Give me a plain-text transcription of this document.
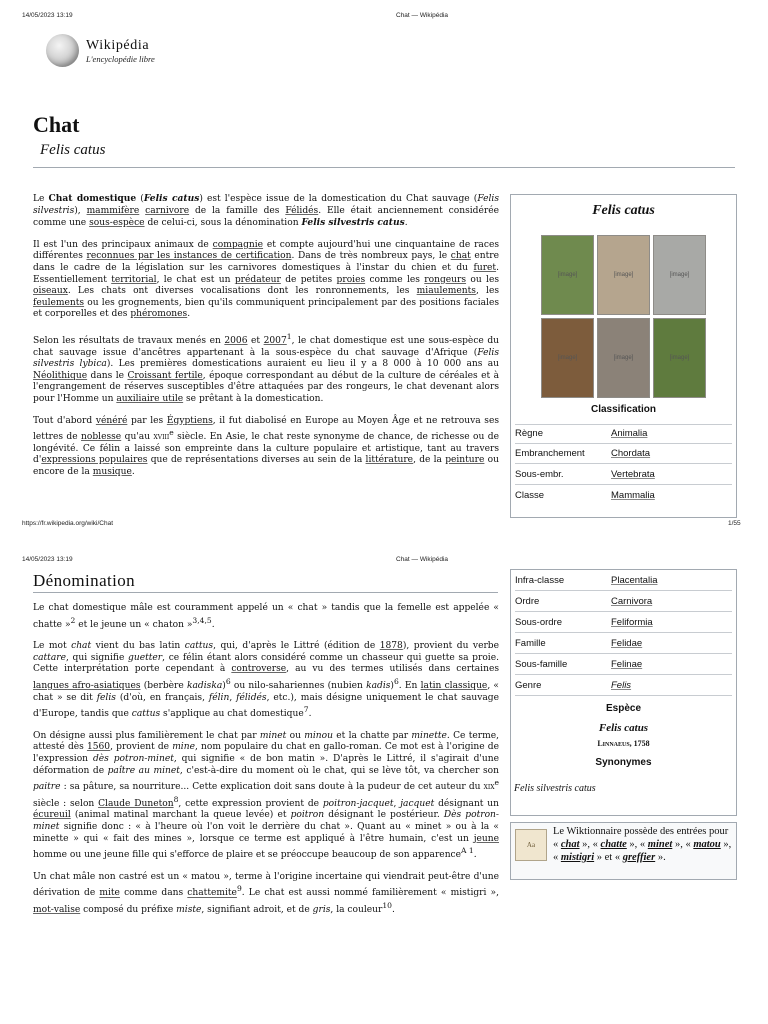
14/05/2023 13:19	Chat — Wikipédia
Wikipédia
L'encyclopédie libre
Chat
Felis catus

Le Chat domestique (Felis catus) est l'espèce issue de la domestication du Chat sauvage (Felis silvestris), mammifère carnivore de la famille des Félidés. Elle était anciennement considérée comme une sous-espèce de celui-ci, sous la dénomination Felis silvestris catus.

Il est l'un des principaux animaux de compagnie et compte aujourd'hui une cinquantaine de races différentes reconnues par les instances de certification. Dans de très nombreux pays, le chat entre dans le cadre de la législation sur les carnivores domestiques à l'instar du chien et du furet. Essentiellement territorial, le chat est un prédateur de petites proies comme les rongeurs ou les oiseaux. Les chats ont diverses vocalisations dont les ronronnements, les miaulements, les feulements ou les grognements, bien qu'ils communiquent principalement par des positions faciales et corporelles et des phéromones.

Selon les résultats de travaux menés en 2006 et 2007$^1$, le chat domestique est une sous-espèce du chat sauvage issue d'ancêtres appartenant à la sous-espèce du chat sauvage d'Afrique (Felis silvestris lybica). Les premières domestications auraient eu lieu il y a 8 000 à 10 000 ans au Néolithique dans le Croissant fertile, époque correspondant au début de la culture de céréales et à l'engrangement de réserves susceptibles d'être attaquées par des rongeurs, le chat devenant alors pour l'Homme un auxiliaire utile se prêtant à la domestication.

Tout d'abord vénéré par les Égyptiens, il fut diabolisé en Europe au Moyen Âge et ne retrouva ses lettres de noblesse qu'au xviii$^e$ siècle. En Asie, le chat reste synonyme de chance, de richesse ou de longévité. Ce félin a laissé son empreinte dans la culture populaire et artistique, tant au travers d'expressions populaires que de représentations diverses au sein de la littérature, de la peinture ou encore de la musique.

Felis catus
[image]	[image]	[image]
[image]	[image]	[image]
Classification
Règne	Animalia
Embranchement	Chordata
Sous-embr.	Vertebrata
Classe	Mammalia
https://fr.wikipedia.org/wiki/Chat	1/55
14/05/2023 13:19	Chat — Wikipédia
Dénomination

Le chat domestique mâle est couramment appelé un « chat » tandis que la femelle est appelée « chatte »$^2$ et le jeune un « chaton »$^{3,4,5}$.

Le mot chat vient du bas latin cattus, qui, d'après le Littré (édition de 1878), provient du verbe cattare, qui signifie guetter, ce félin étant alors considéré comme un chasseur qui guette sa proie. Cette interprétation porte cependant à controverse, au vu des termes utilisés dans certaines langues afro-asiatiques (berbère kadiska)$^6$ ou nilo-sahariennes (nubien kadis)$^6$. En latin classique, « chat » se dit felis (d'où, en français, félin, félidés, etc.), mais désigne uniquement le chat sauvage d'Europe, tandis que cattus s'applique au chat domestique$^7$.

On désigne aussi plus familièrement le chat par minet ou minou et la chatte par minette. Ce terme, attesté dès 1560, provient de mine, nom populaire du chat en gallo-roman. Ce mot est à l'origine de l'expression dès potron-minet, qui signifie « de bon matin ». D'après le Littré, il s'agirait d'une déformation de paître au minet, c'est-à-dire du moment où le chat, qui se lève tôt, va chercher son paitre : sa pâture, sa nourriture... Cette explication doit sans doute à la pudeur de cet auteur du xix$^e$ siècle : selon Claude Duneton$^8$, cette expression provient de poitron-jacquet, jacquet désignant un écureuil (animal matinal marchant la queue levée) et poitron désignant le postérieur. Dès potron-minet signifie donc : « à l'heure où l'on voit le derrière du chat ». Quant au « minet » ou à la « minette » qui « fait des mines », lorsque ce terme est appliqué à l'être humain, c'est un jeune homme ou une jeune fille qui s'efforce de plaire et se préoccupe beaucoup de son apparence$^{A 1}$.

Un chat mâle non castré est un « matou », terme à l'origine incertaine qui viendrait peut-être d'une dérivation de mite comme dans chattemite$^9$. Le chat est aussi nommé familièrement « mistigri », mot-valise composé du préfixe miste, signifiant adroit, et de gris, la couleur$^{10}$.

Infra-classe	Placentalia
Ordre	Carnivora
Sous-ordre	Feliformia
Famille	Felidae
Sous-famille	Felinae
Genre	Felis
Espèce
Felis catus
Linnaeus, 1758
Synonymes
Felis silvestris catus
Aa
Le Wiktionnaire possède des entrées pour « chat », « chatte », « minet », « matou », « mistigri » et « greffier ».
